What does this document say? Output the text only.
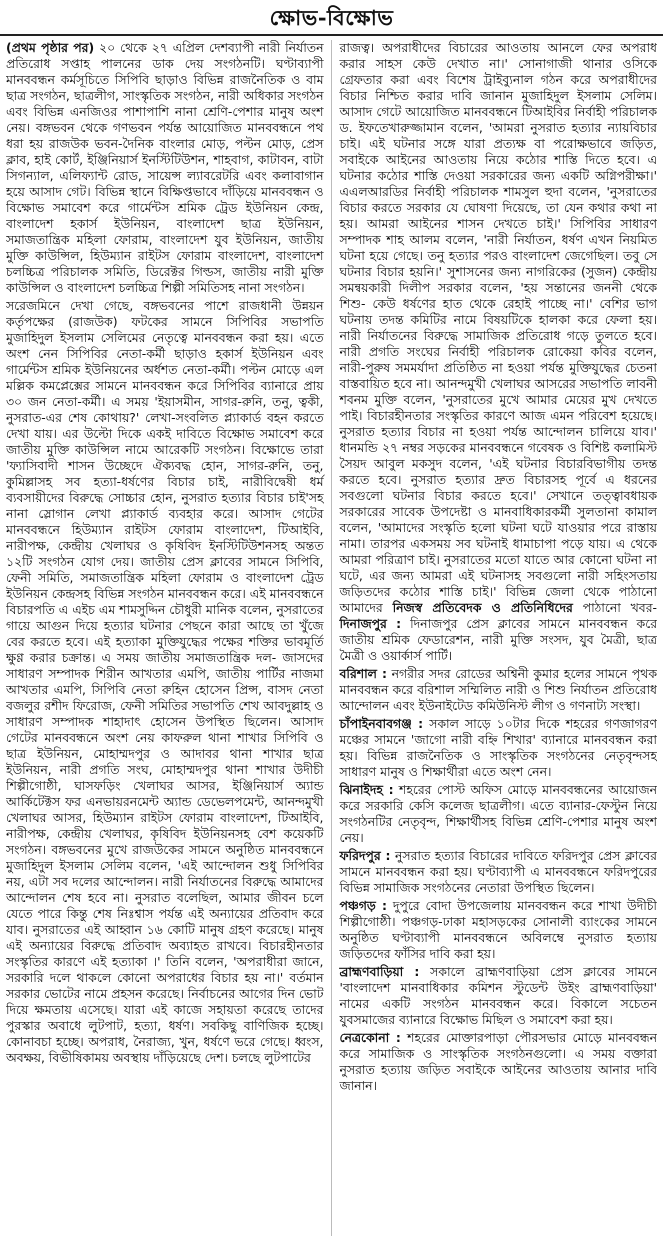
ক্ষোভ-বিক্ষোভ

(প্রথম পৃষ্ঠার পর) ২০ থেকে ২৭ এপ্রিল দেশব্যাপী নারী নির্যাতন প্রতিরোধ সপ্তাহ পালনের ডাক দেয় সংগঠনটি। ঘণ্টাব্যাপী মানববন্ধন কর্মসূচিতে সিপিবি ছাড়াও বিভিন্ন রাজনৈতিক ও বাম ছাত্র সংগঠন, ছাত্রলীগ, সাংস্কৃতিক সংগঠন, নারী অধিকার সংগঠন এবং বিভিন্ন এনজিওর পাশাপাশি নানা শ্রেণি-পেশার মানুষ অংশ নেয়। বঙ্গভবন থেকে গণভবন পর্যন্ত আয়োজিত মানববন্ধনে পথ ধরা হয় রাজউক ভবন-দৈনিক বাংলার মোড়, পল্টন মোড়, প্রেস ক্লাব, হাই কোর্ট, ইঞ্জিনিয়ার্স ইনস্টিটিউশন, শাহবাগ, কাটাবন, বাটা সিগন্যাল, এলিফ্যান্ট রোড, সায়েন্স ল্যাবরেটরি এবং কলাবাগান হয়ে আসাদ গেট। বিভিন্ন স্থানে বিক্ষিপ্তভাবে দাঁড়িয়ে মানববন্ধন ও বিক্ষোভ সমাবেশ করে গার্মেন্টস শ্রমিক ট্রেড ইউনিয়ন কেন্দ্র, বাংলাদেশ হকার্স ইউনিয়ন, বাংলাদেশ ছাত্র ইউনিয়ন, সমাজতান্ত্রিক মহিলা ফোরাম, বাংলাদেশ যুব ইউনিয়ন, জাতীয় মুক্তি কাউন্সিল, হিউম্যান রাইটস ফোরাম বাংলাদেশ, বাংলাদেশ চলচ্চিত্র পরিচালক সমিতি, ডিরেক্টর গিল্ডস, জাতীয় নারী মুক্তি কাউন্সিল ও বাংলাদেশ চলচ্চিত্র শিল্পী সমিতিসহ নানা সংগঠন।

সরেজমিনে দেখা গেছে, বঙ্গভবনের পাশে রাজধানী উন্নয়ন কর্তৃপক্ষের (রাজউক) ফটকের সামনে সিপিবির সভাপতি মুজাহিদুল ইসলাম সেলিমের নেতৃত্বে মানববন্ধন করা হয়। এতে অংশ নেন সিপিবির নেতা-কর্মী ছাড়াও হকার্স ইউনিয়ন এবং গার্মেন্টস শ্রমিক ইউনিয়নের অর্ধশত নেতা-কর্মী। পল্টন মোড়ে এল মল্লিক কমপ্লেক্সের সামনে মানববন্ধন করে সিপিবির ব্যানারে প্রায় ৩০ জন নেতা-কর্মী। এ সময় 'ইয়াসমীন, সাগর-রুনি, তনু, ত্বকী, নুসরাত-এর শেষ কোথায়?' লেখা-সংবলিত প্ল্যাকার্ড বহন করতে দেখা যায়। এর উল্টো দিকে একই দাবিতে বিক্ষোভ সমাবেশ করে জাতীয় মুক্তি কাউন্সিল নামে আরেকটি সংগঠন। বিক্ষোভে তারা 'ফ্যাসিবাদী শাসন উচ্ছেদে ঐক্যবদ্ধ হোন, সাগর-রুনি, তনু, কুমিল্লাসহ সব হত্যা-ধর্ষণের বিচার চাই, নারীবিদ্বেষী ধর্ম ব্যবসায়ীদের বিরুদ্ধে সোচ্চার হোন, নুসরাত হত্যার বিচার চাই'সহ নানা স্লোগান লেখা প্ল্যাকার্ড ব্যবহার করে। আসাদ গেটের মানববন্ধনে হিউম্যান রাইটস ফোরাম বাংলাদেশ, টিআইবি, নারীপক্ষ, কেন্দ্রীয় খেলাঘর ও কৃষিবিদ ইনস্টিটিউশনসহ অন্তত ১২টি সংগঠন যোগ দেয়। জাতীয় প্রেস ক্লাবের সামনে সিপিবি, ফেনী সমিতি, সমাজতান্ত্রিক মহিলা ফোরাম ও বাংলাদেশ ট্রেড ইউনিয়ন কেন্দ্রসহ বিভিন্ন সংগঠন মানববন্ধন করে। এই মানববন্ধনে বিচারপতি এ এইচ এম শামসুদ্দিন চৌধুরী মানিক বলেন, নুসরাতের গায়ে আগুন দিয়ে হত্যার ঘটনার পেছনে কারা আছে তা খুঁজে বের করতে হবে। এই হত্যাকা মুক্তিযুদ্ধের পক্ষের শক্তির ভাবমূর্তি ক্ষুণ্ণ করার চক্রান্ত। এ সময় জাতীয় সমাজতান্ত্রিক দল- জাসদের সাধারণ সম্পাদক শিরীন আখতার এমপি, জাতীয় পার্টির নাজমা আখতার এমপি, সিপিবি নেতা রুহিন হোসেন প্রিন্স, বাসদ নেতা বজলুর রশীদ ফিরোজ, ফেনী সমিতির সভাপতি শেখ আবদুল্লাহ ও সাধারণ সম্পাদক শাহাদাৎ হোসেন উপস্থিত ছিলেন। আসাদ গেটের মানববন্ধনে অংশ নেয় কাফরুল থানা শাখার সিপিবি ও ছাত্র ইউনিয়ন, মোহাম্মদপুর ও আদাবর থানা শাখার ছাত্র ইউনিয়ন, নারী প্রগতি সংঘ, মোহাম্মদপুর থানা শাখার উদীচী শিল্পীগোষ্ঠী, ঘাসফড়িং খেলাঘর আসর, ইঞ্জিনিয়ার্স অ্যান্ড আর্কিটেক্টস ফর এনভায়রনমেন্ট অ্যান্ড ডেভেলপমেন্ট, আনন্দমুখী খেলাঘর আসর, হিউম্যান রাইটস ফোরাম বাংলাদেশ, টিআইবি, নারীপক্ষ, কেন্দ্রীয় খেলাঘর, কৃষিবিদ ইউনিয়নসহ বেশ কয়েকটি সংগঠন। বঙ্গভবনের মুখে রাজউকের সামনে অনুষ্ঠিত মানববন্ধনে মুজাহিদুল ইসলাম সেলিম বলেন, 'এই আন্দোলন শুধু সিপিবির নয়, এটা সব দলের আন্দোলন। নারী নির্যাতনের বিরুদ্ধে আমাদের আন্দোলন শেষ হবে না। নুসরাত বলেছিল, আমার জীবন চলে যেতে পারে কিন্তু শেষ নিঃশ্বাস পর্যন্ত এই অন্যায়ের প্রতিবাদ করে যাব। নুসরাতের এই আহ্বান ১৬ কোটি মানুষ গ্রহণ করেছে। মানুষ এই অন্যায়ের বিরুদ্ধে প্রতিবাদ অব্যাহত রাখবে। বিচারহীনতার সংস্কৃতির কারণে এই হত্যাকা ।' তিনি বলেন, 'অপরাধীরা জানে, সরকারি দলে থাকলে কোনো অপরাধের বিচার হয় না।' বর্তমান সরকার ভোটের নামে প্রহসন করেছে। নির্বাচনের আগের দিন ভোট দিয়ে ক্ষমতায় এসেছে। যারা এই কাজে সহায়তা করেছে তাদের পুরস্কার অবাধে লুটপাট, হত্যা, ধর্ষণ। সবকিছু বাণিজিক হচ্ছে। কোনাবচা হচ্ছে। অপরাধ, নৈরাজ্য, খুন, ধর্ষণে ভরে গেছে। ধ্বংস, অবক্ষয়, বিভীষিকাময় অবস্থায় দাঁড়িয়েছে দেশ। চলছে লুটপাটের

রাজত্ব। অপরাধীদের বিচারের আওতায় আনলে ফের অপরাধ করার সাহস কেউ দেখাত না।' সোনাগাজী থানার ওসিকে গ্রেফতার করা এবং বিশেষ ট্রাইব্যুনাল গঠন করে অপরাধীদের বিচার নিশ্চিত করার দাবি জানান মুজাহিদুল ইসলাম সেলিম। আসাদ গেটে আয়োজিত মানববন্ধনে টিআইবির নির্বাহী পরিচালক ড. ইফতেখারুজ্জামান বলেন, 'আমরা নুসরাত হত্যার ন্যায়বিচার চাই। এই ঘটনার সঙ্গে যারা প্রত্যক্ষ বা পরোক্ষভাবে জড়িত, সবাইকে আইনের আওতায় নিয়ে কঠোর শাস্তি দিতে হবে। এ ঘটনার কঠোর শাস্তি দেওয়া সরকারের জন্য একটি অগ্নিপরীক্ষা।' এএলআরডির নির্বাহী পরিচালক শামসুল হুদা বলেন, 'নুসরাতের বিচার করতে সরকার যে ঘোষণা দিয়েছে, তা যেন কথার কথা না হয়। আমরা আইনের শাসন দেখতে চাই।' সিপিবির সাধারণ সম্পাদক শাহ আলম বলেন, 'নারী নির্যাতন, ধর্ষণ এখন নিয়মিত ঘটনা হয়ে গেছে। তনু হত্যার পরও বাংলাদেশ জেগেছিল। তবু সে ঘটনার বিচার হয়নি।' সুশাসনের জন্য নাগরিকের (সুজন) কেন্দ্রীয় সমন্বয়কারী দিলীপ সরকার বলেন, 'হয় সন্তানের জননী থেকে শিশু- কেউ ধর্ষণের হাত থেকে রেহাই পাচ্ছে না।' বেশির ভাগ ঘটনায় তদন্ত কমিটির নামে বিষয়টিকে হালকা করে ফেলা হয়। নারী নির্যাতনের বিরুদ্ধে সামাজিক প্রতিরোধ গড়ে তুলতে হবে। নারী প্রগতি সংঘের নির্বাহী পরিচালক রোকেয়া কবির বলেন, নারী-পুরুষ সমমর্যাদা প্রতিষ্ঠিত না হওয়া পর্যন্ত মুক্তিযুদ্ধের চেতনা বাস্তবায়িত হবে না। আনন্দমুখী খেলাঘর আসরের সভাপতি লাবনী শবনম মুক্তি বলেন, 'নুসরাতের মুখে আমার মেয়ের মুখ দেখতে পাই। বিচারহীনতার সংস্কৃতির কারণে আজ এমন পরিবেশ হয়েছে। নুসরাত হত্যার বিচার না হওয়া পর্যন্ত আন্দোলন চালিয়ে যাব।' ধানমন্ডি ২৭ নম্বর সড়কের মানববন্ধনে গবেষক ও বিশিষ্ট কলামিস্ট সৈয়দ আবুল মকসুদ বলেন, 'এই ঘটনার বিচারবিভাগীয় তদন্ত করতে হবে। নুসরাত হত্যার দ্রুত বিচারসহ পূর্বে এ ধরনের সবগুলো ঘটনার বিচার করতে হবে।' সেখানে তত্ত্বাবধায়ক সরকারের সাবেক উপদেষ্টা ও মানবাধিকারকর্মী সুলতানা কামাল বলেন, 'আমাদের সংস্কৃতি হলো ঘটনা ঘটে যাওয়ার পরে রাস্তায় নামা। তারপর একসময় সব ঘটনাই ধামাচাপা পড়ে যায়। এ থেকে আমরা পরিত্রাণ চাই। নুসরাতের মতো যাতে আর কোনো ঘটনা না ঘটে, এর জন্য আমরা এই ঘটনাসহ সবগুলো নারী সহিংসতায় জড়িতদের কঠোর শাস্তি চাই।' বিভিন্ন জেলা থেকে পাঠানো আমাদের নিজস্ব প্রতিবেদক ও প্রতিনিধিদের পাঠানো খবর- দিনাজপুর : দিনাজপুর প্রেস ক্লাবের সামনে মানববন্ধন করে জাতীয় শ্রমিক ফেডারেশন, নারী মুক্তি সংসদ, যুব মৈত্রী, ছাত্র মৈত্রী ও ওয়ার্কার্স পার্টি।

বরিশাল : নগরীর সদর রোডের অশ্বিনী কুমার হলের সামনে পৃথক মানববন্ধন করে বরিশাল সম্মিলিত নারী ও শিশু নির্যাতন প্রতিরোধ আন্দোলন এবং ইউনাইটেড কমিউনিস্ট লীগ ও গণনাট্য সংস্থা।

চাঁপাইনবাবগঞ্জ : সকাল সাড়ে ১০টার দিকে শহরের গণজাগরণ মঞ্চের সামনে 'জাগো নারী বহ্নি শিখার' ব্যানারে মানববন্ধন করা হয়। বিভিন্ন রাজনৈতিক ও সাংস্কৃতিক সংগঠনের নেতৃবৃন্দসহ সাধারণ মানুষ ও শিক্ষার্থীরা এতে অংশ নেন।

ঝিনাইদহ : শহরের পোস্ট অফিস মোড়ে মানববন্ধনের আয়োজন করে সরকারি কেসি কলেজ ছাত্রলীগ। এতে ব্যানার-ফেস্টুন নিয়ে সংগঠনটির নেতৃবৃন্দ, শিক্ষার্থীসহ বিভিন্ন শ্রেণি-পেশার মানুষ অংশ নেয়।

ফরিদপুর : নুসরাত হত্যার বিচারের দাবিতে ফরিদপুর প্রেস ক্লাবের সামনে মানববন্ধন করা হয়। ঘণ্টাব্যাপী এ মানববন্ধনে ফরিদপুরের বিভিন্ন সামাজিক সংগঠনের নেতারা উপস্থিত ছিলেন।

পঞ্চগড় : দুপুরে বোদা উপজেলায় মানববন্ধন করে শাখা উদীচী শিল্পীগোষ্ঠী। পঞ্চগড়-ঢাকা মহাসড়কের সোনালী ব্যাংকের সামনে অনুষ্ঠিত ঘণ্টাব্যাপী মানববন্ধনে অবিলম্বে নুসরাত হত্যায় জড়িতদের ফাঁসির দাবি করা হয়।

ব্রাহ্মণবাড়িয়া : সকালে ব্রাহ্মণবাড়িয়া প্রেস ক্লাবের সামনে 'বাংলাদেশ মানবাধিকার কমিশন স্টুডেন্ট উইং ব্রাহ্মণবাড়িয়া' নামের একটি সংগঠন মানববন্ধন করে। বিকালে সচেতন যুবসমাজের ব্যানারে বিক্ষোভ মিছিল ও সমাবেশ করা হয়।

নেত্রকোনা : শহরের মোক্তারপাড়া পৌরসভার মোড়ে মানববন্ধন করে সামাজিক ও সাংস্কৃতিক সংগঠনগুলো। এ সময় বক্তারা নুসরাত হত্যায় জড়িত সবাইকে আইনের আওতায় আনার দাবি জানান।
